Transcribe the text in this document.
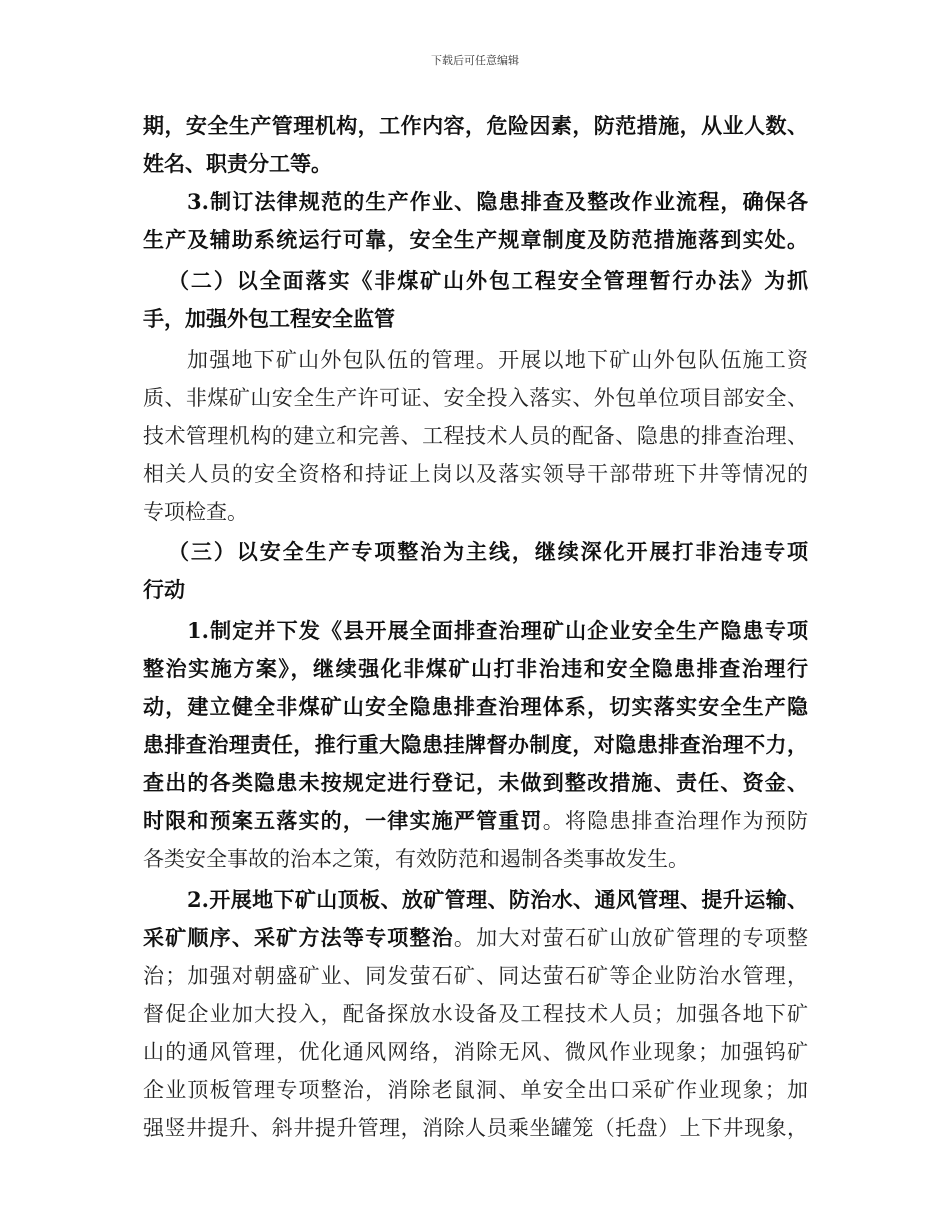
下载后可任意编辑
期，安全生产管理机构，工作内容，危险因素，防范措施，从业人数、
姓名、职责分工等。
3.制订法律规范的生产作业、隐患排查及整改作业流程，确保各
生产及辅助系统运行可靠，安全生产规章制度及防范措施落到实处。
（二）以全面落实《非煤矿山外包工程安全管理暂行办法》为抓
手，加强外包工程安全监管
加强地下矿山外包队伍的管理。开展以地下矿山外包队伍施工资
质、非煤矿山安全生产许可证、安全投入落实、外包单位项目部安全、
技术管理机构的建立和完善、工程技术人员的配备、隐患的排查治理、
相关人员的安全资格和持证上岗以及落实领导干部带班下井等情况的
专项检查。
（三）以安全生产专项整治为主线，继续深化开展打非治违专项
行动
1.制定并下发《县开展全面排查治理矿山企业安全生产隐患专项
整治实施方案》，继续强化非煤矿山打非治违和安全隐患排查治理行
动，建立健全非煤矿山安全隐患排查治理体系，切实落实安全生产隐
患排查治理责任，推行重大隐患挂牌督办制度，对隐患排查治理不力，
查出的各类隐患未按规定进行登记，未做到整改措施、责任、资金、
时限和预案五落实的，一律实施严管重罚。将隐患排查治理作为预防
各类安全事故的治本之策，有效防范和遏制各类事故发生。
2.开展地下矿山顶板、放矿管理、防治水、通风管理、提升运输、
采矿顺序、采矿方法等专项整治。加大对萤石矿山放矿管理的专项整
治；加强对朝盛矿业、同发萤石矿、同达萤石矿等企业防治水管理，
督促企业加大投入，配备探放水设备及工程技术人员；加强各地下矿
山的通风管理，优化通风网络，消除无风、微风作业现象；加强钨矿
企业顶板管理专项整治，消除老鼠洞、单安全出口采矿作业现象；加
强竖井提升、斜井提升管理，消除人员乘坐罐笼（托盘）上下井现象，
